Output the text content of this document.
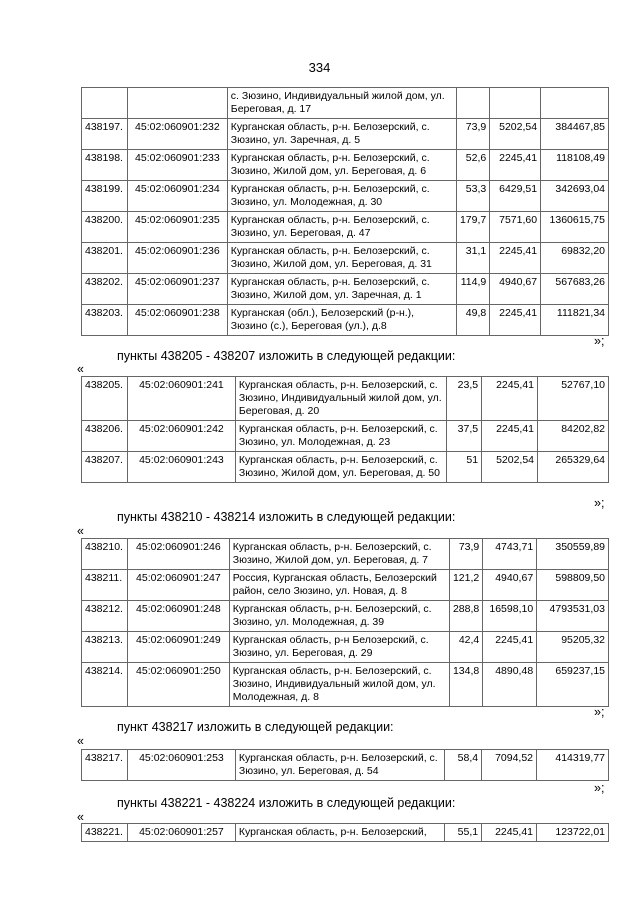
334
		с. Зюзино, Индивидуальный жилой дом, ул. Береговая, д. 17			
438197.	45:02:060901:232	Курганская область, р-н. Белозерский, с. Зюзино, ул. Заречная, д. 5	73,9	5202,54	384467,85
438198.	45:02:060901:233	Курганская область, р-н. Белозерский, с. Зюзино, Жилой дом, ул. Береговая, д. 6	52,6	2245,41	118108,49
438199.	45:02:060901:234	Курганская область, р-н. Белозерский, с. Зюзино, ул. Молодежная, д. 30	53,3	6429,51	342693,04
438200.	45:02:060901:235	Курганская область, р-н. Белозерский, с. Зюзино, ул. Береговая, д. 47	179,7	7571,60	1360615,75
438201.	45:02:060901:236	Курганская область, р-н. Белозерский, с. Зюзино, Жилой дом, ул. Береговая, д. 31	31,1	2245,41	69832,20
438202.	45:02:060901:237	Курганская область, р-н. Белозерский, с. Зюзино, Жилой дом, ул. Заречная, д. 1	114,9	4940,67	567683,26
438203.	45:02:060901:238	Курганская (обл.), Белозерский (р-н.), Зюзино (с.), Береговая (ул.), д.8	49,8	2245,41	111821,34
»;
пункты 438205 - 438207 изложить в следующей редакции:
«
438205.	45:02:060901:241	Курганская область, р-н. Белозерский, с. Зюзино, Индивидуальный жилой дом, ул. Береговая, д. 20	23,5	2245,41	52767,10
438206.	45:02:060901:242	Курганская область, р-н. Белозерский, с. Зюзино, ул. Молодежная, д. 23	37,5	2245,41	84202,82
438207.	45:02:060901:243	Курганская область, р-н. Белозерский, с. Зюзино, Жилой дом, ул. Береговая, д. 50	51	5202,54	265329,64
»;
пункты 438210 - 438214 изложить в следующей редакции:
«
438210.	45:02:060901:246	Курганская область, р-н. Белозерский, с. Зюзино, Жилой дом, ул. Береговая, д. 7	73,9	4743,71	350559,89
438211.	45:02:060901:247	Россия, Курганская область, Белозерский район, село Зюзино, ул. Новая, д. 8	121,2	4940,67	598809,50
438212.	45:02:060901:248	Курганская область, р-н. Белозерский, с. Зюзино, ул. Молодежная, д. 39	288,8	16598,10	4793531,03
438213.	45:02:060901:249	Курганская область, р-н Белозерский, с. Зюзино, ул. Береговая, д. 29	42,4	2245,41	95205,32
438214.	45:02:060901:250	Курганская область, р-н. Белозерский, с. Зюзино, Индивидуальный жилой дом, ул. Молодежная, д. 8	134,8	4890,48	659237,15
»;
пункт 438217 изложить в следующей редакции:
«
438217.	45:02:060901:253	Курганская область, р-н. Белозерский, с. Зюзино, ул. Береговая, д. 54	58,4	7094,52	414319,77
»;
пункты 438221 - 438224 изложить в следующей редакции:
«
438221.	45:02:060901:257	Курганская область, р-н. Белозерский,	55,1	2245,41	123722,01
